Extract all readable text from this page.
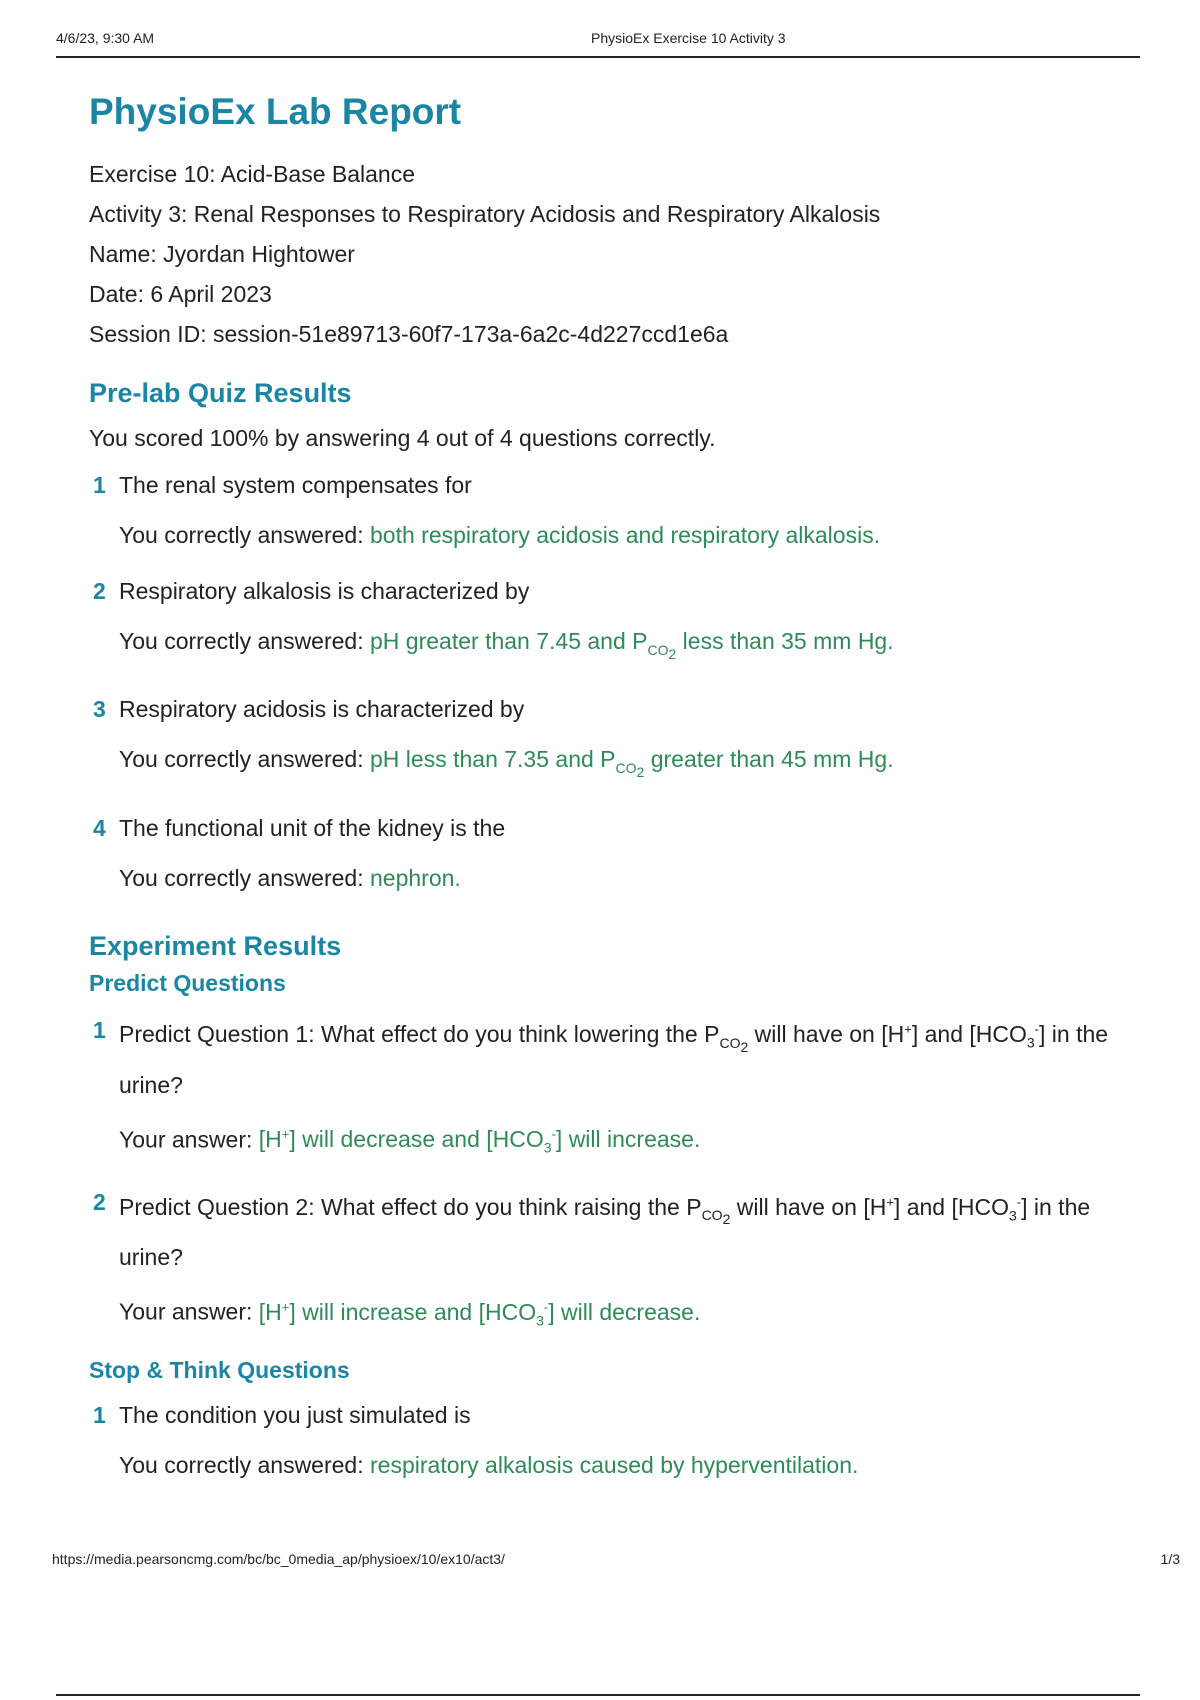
4/6/23, 9:30 AM	PhysioEx Exercise 10 Activity 3
PhysioEx Lab Report
Exercise 10: Acid-Base Balance
Activity 3: Renal Responses to Respiratory Acidosis and Respiratory Alkalosis
Name: Jyordan Hightower
Date: 6 April 2023
Session ID: session-51e89713-60f7-173a-6a2c-4d227ccd1e6a
Pre-lab Quiz Results
You scored 100% by answering 4 out of 4 questions correctly.
1 The renal system compensates for
You correctly answered: both respiratory acidosis and respiratory alkalosis.
2 Respiratory alkalosis is characterized by
You correctly answered: pH greater than 7.45 and $P_{CO_2}$ less than 35 mm Hg.
3 Respiratory acidosis is characterized by
You correctly answered: pH less than 7.35 and $P_{CO_2}$ greater than 45 mm Hg.
4 The functional unit of the kidney is the
You correctly answered: nephron.
Experiment Results
Predict Questions
1 Predict Question 1: What effect do you think lowering the $P_{CO_2}$ will have on [H+] and $[HCO_3^-]$ in the urine?
Your answer: [H+] will decrease and $[HCO_3^-]$ will increase.
2 Predict Question 2: What effect do you think raising the $P_{CO_2}$ will have on [H+] and $[HCO_3^-]$ in the urine?
Your answer: [H+] will increase and $[HCO_3^-]$ will decrease.
Stop & Think Questions
1 The condition you just simulated is
You correctly answered: respiratory alkalosis caused by hyperventilation.
https://media.pearsoncmg.com/bc/bc_0media_ap/physioex/10/ex10/act3/	1/3
